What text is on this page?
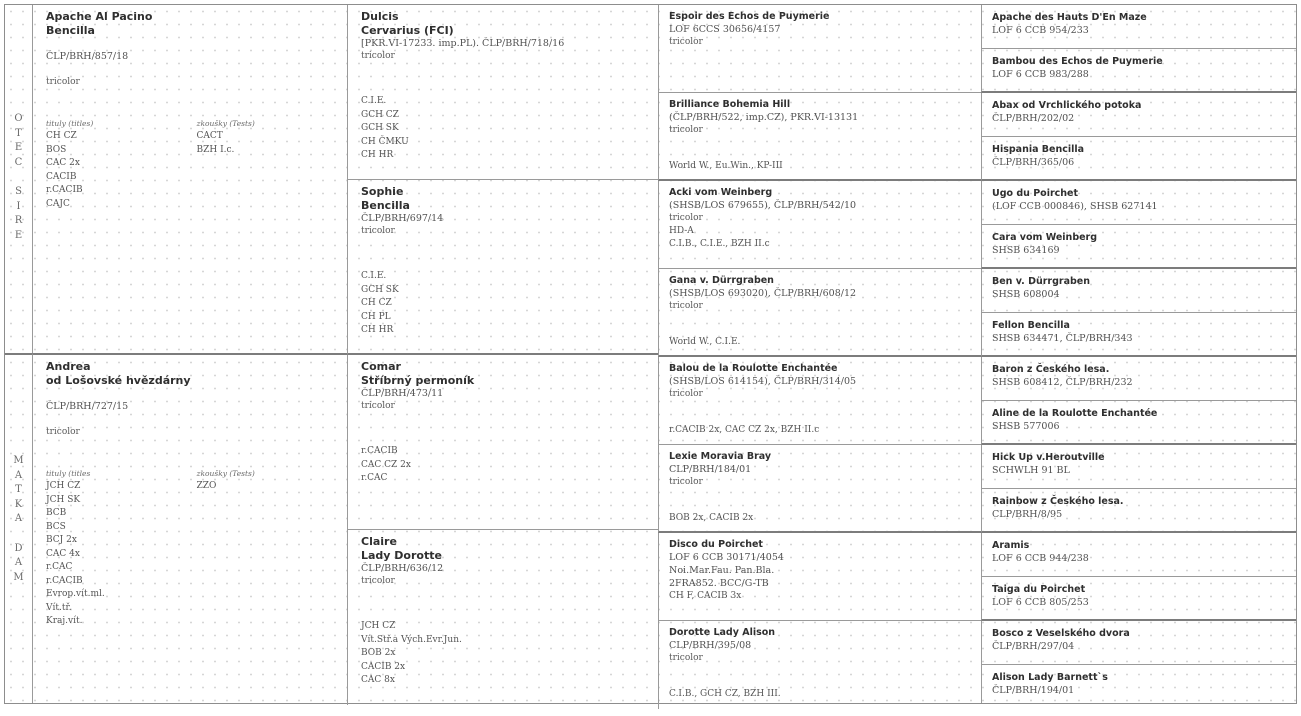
O
T
E
C
S
I
R
E
M
A
T
K
A
D
A
M
Apache Al Pacino
Bencilla
ČLP/BRH/857/18
tricolor
tituly (titles)
CH CZ
BOS
CAC 2x
CACIB
r.CACIB
CAJC
zkoušky (Tests)
CACT
BZH I.c.
Andrea
od Lošovské hvězdárny
ČLP/BRH/727/15
tricolor
tituly (titles
JCH CZ
JCH SK
BCB
BCS
BCJ 2x
CAC 4x
r.CAC
r.CACIB
Evrop.vít.ml.
Vít.tř.
Kraj.vít.
zkoušky (Tests)
ZZO
Dulcis
Cervarius (FCI)
[PKR.VI-17233. imp.PL). ČLP/BRH/718/16
tricolor
C.I.E.
GCH CZ
GCH SK
CH ČMKU
CH HR
Sophie
Bencilla
ČLP/BRH/697/14
tricolor
C.I.E.
GCH SK
CH CZ
CH PL
CH HR
Comar
Stříbrný permoník
ČLP/BRH/473/11
tricolor
r.CACIB
CAC CZ 2x
r.CAC
Claire
Lady Dorotte
ČLP/BRH/636/12
tricolor
JCH CZ
Vít.Stř.a Vých.Evr.Jun.
BOB 2x
CACIB 2x
CAC 8x
Espoir des Echos de Puymerie
LOF 6CCS 30656/4157
tricolor
Brilliance Bohemia Hill
(ČLP/BRH/522, imp.CZ), PKR.VI-13131
tricolor
World W., Eu.Win., KP-III
Acki vom Weinberg
(SHSB/LOS 679655), ČLP/BRH/542/10
tricolor
HD-A
C.I.B., C.I.E., BZH II.c
Gana v. Dürrgraben
(SHSB/LOS 693020), ČLP/BRH/608/12
tricolor
World W., C.I.E.
Balou de la Roulotte Enchantée
(SHSB/LOS 614154), ČLP/BRH/314/05
tricolor
r.CACIB 2x, CAC CZ 2x, BZH II.c
Lexie Moravia Bray
CLP/BRH/184/01
tricolor
BOB 2x, CACIB 2x
Disco du Poirchet
LOF 6 CCB 30171/4054
Noi.Mar.Fau. Pan.Bla.
2FRA852. BCC/G-TB
CH F, CACIB 3x
Dorotte Lady Alison
CLP/BRH/395/08
tricolor
C.I.B., GCH CZ, BZH III.
Apache des Hauts D'En Maze
LOF 6 CCB 954/233
Bambou des Echos de Puymerie
LOF 6 CCB 983/288
Abax od Vrchlického potoka
ČLP/BRH/202/02
Hispania Bencilla
ČLP/BRH/365/06
Ugo du Poirchet
(LOF CCB 000846), SHSB 627141
Cara vom Weinberg
SHSB 634169
Ben v. Dürrgraben
SHSB 608004
Fellon Bencilla
SHSB 634471, ČLP/BRH/343
Baron z Českého lesa.
SHSB 608412, ČLP/BRH/232
Aline de la Roulotte Enchantée
SHSB 577006
Hick Up v.Heroutville
SCHWLH 91 BL
Rainbow z Českého lesa.
CLP/BRH/8/95
Aramis
LOF 6 CCB 944/238
Taiga du Poirchet
LOF 6 CCB 805/253
Bosco z Veselského dvora
ČLP/BRH/297/04
Alison Lady Barnett`s
ČLP/BRH/194/01
